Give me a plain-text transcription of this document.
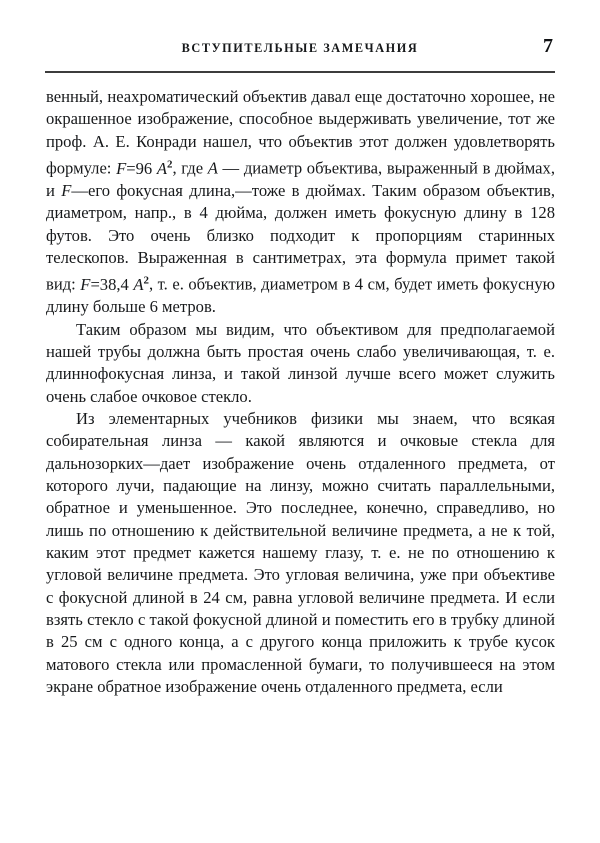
ВСТУПИТЕЛЬНЫЕ ЗАМЕЧАНИЯ	7

венный, неахроматический объектив давал еще достаточно хорошее, не окрашенное изображение, способное выдерживать увеличение, тот же проф. А. Е. Конради нашел, что объектив этот должен удовлетворять формуле: F=96 $A^2$, где A — диаметр объектива, выраженный в дюймах, и F—его фокусная длина,—тоже в дюймах. Таким образом объектив, диаметром, напр., в 4 дюйма, должен иметь фокусную длину в 128 футов. Это очень близко подходит к пропорциям старинных телескопов. Выраженная в сантиметрах, эта формула примет такой вид: F=38,4 $A^2$, т. е. объектив, диаметром в 4 см, будет иметь фокусную длину больше 6 метров.

Таким образом мы видим, что объективом для предполагаемой нашей трубы должна быть простая очень слабо увеличивающая, т. е. длиннофокусная линза, и такой линзой лучше всего может служить очень слабое очковое стекло.

Из элементарных учебников физики мы знаем, что всякая собирательная линза — какой являются и очковые стекла для дальнозорких—дает изображение очень отдаленного предмета, от которого лучи, падающие на линзу, можно считать параллельными, обратное и уменьшенное. Это последнее, конечно, справедливо, но лишь по отношению к действительной величине предмета, а не к той, каким этот предмет кажется нашему глазу, т. е. не по отношению к угловой величине предмета. Это угловая величина, уже при объективе с фокусной длиной в 24 см, равна угловой величине предмета. И если взять стекло с такой фокусной длиной и поместить его в трубку длиной в 25 см с одного конца, а с другого конца приложить к трубе кусок матового стекла или промасленной бумаги, то получившееся на этом экране обратное изображение очень отдаленного предмета, если
